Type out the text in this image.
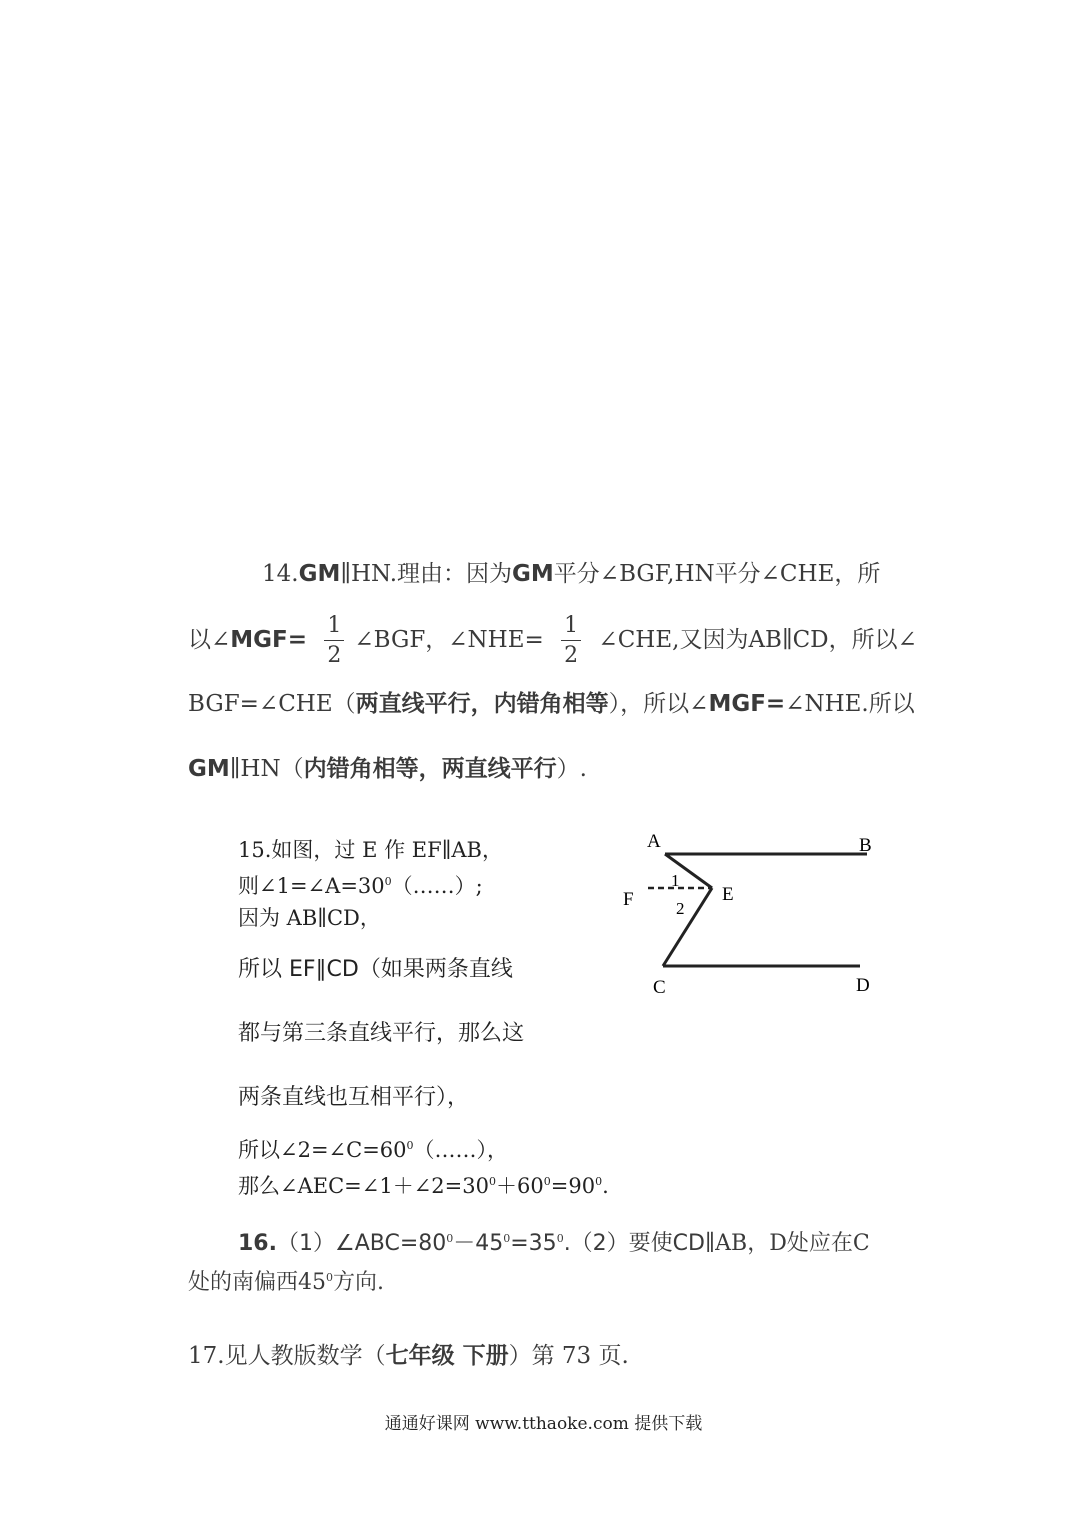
14.GM∥HN.理由：因为GM平分∠BGF,HN平分∠CHE，所
以∠MGF= $\frac{1}{2}$ ∠BGF，∠NHE= $\frac{1}{2}$ ∠CHE,又因为AB∥CD，所以∠
BGF=∠CHE（两直线平行，内错角相等），所以∠MGF=∠NHE.所以
GM∥HN（内错角相等，两直线平行）.
15.如图，过 E 作 EF∥AB，
则$\angle 1=\angle A=30^0(\dots\dots)$;
因为 AB∥CD，
所以 EF∥CD（如果两条直线
都与第三条直线平行，那么这
两条直线也互相平行），
所以$\angle 2=\angle C=60^0(\dots\dots)$，
那么$\angle AEC=\angle 1+\angle 2=30^0+60^0=90^0$.
A	B
F	E
1
2
C	D
$16.(1)\angle ABC=80^0-45^0=35^0.(2)$要使CD∥AB，D处应在C
处的南偏西$45^0$方向.
17.见人教版数学（七年级 下册）第 73 页.
通通好课网 www.tthaoke.com 提供下载
